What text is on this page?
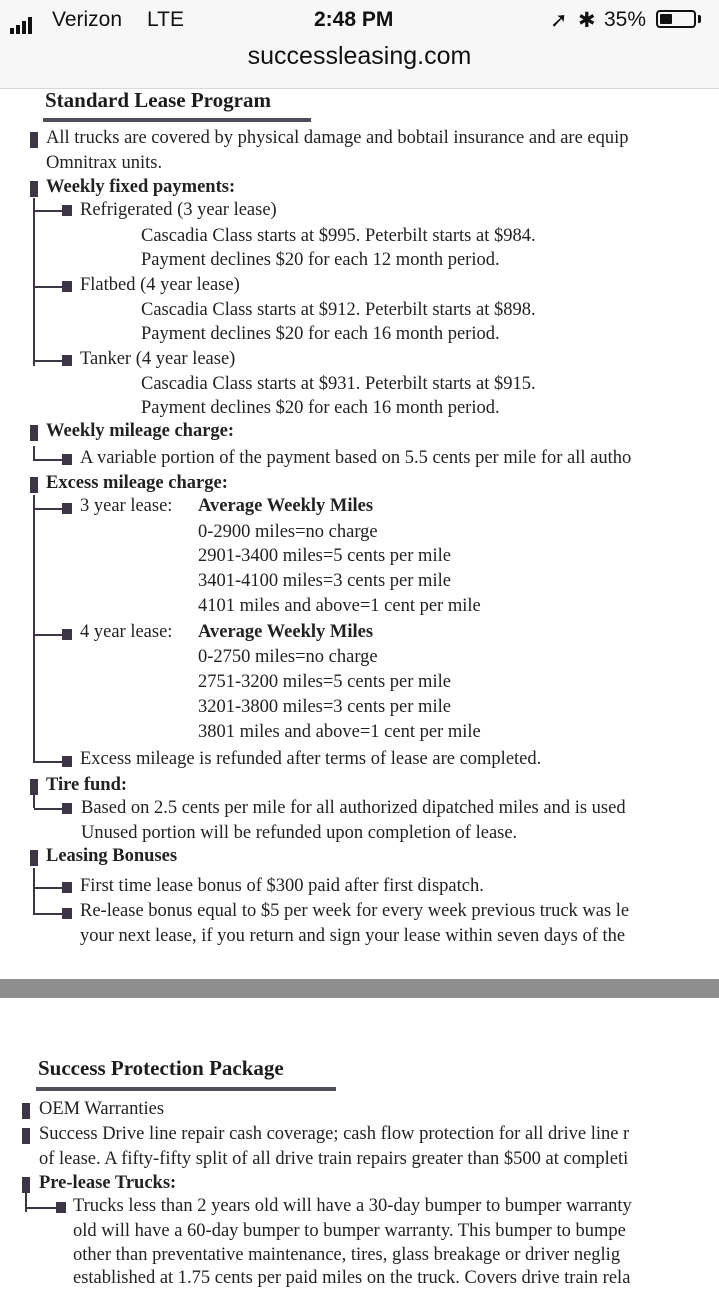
Verizon LTE	2:48 PM	➚ ✱ 35%
successleasing.com
Standard Lease Program
All trucks are covered by physical damage and bobtail insurance and are equip
Omnitrax units.
Weekly fixed payments:
Refrigerated (3 year lease)
Cascadia Class starts at $995. Peterbilt starts at $984.
Payment declines $20 for each 12 month period.
Flatbed (4 year lease)
Cascadia Class starts at $912. Peterbilt starts at $898.
Payment declines $20 for each 16 month period.
Tanker (4 year lease)
Cascadia Class starts at $931. Peterbilt starts at $915.
Payment declines $20 for each 16 month period.
Weekly mileage charge:
A variable portion of the payment based on 5.5 cents per mile for all autho
Excess mileage charge:
3 year lease: Average Weekly Miles
0-2900 miles=no charge
2901-3400 miles=5 cents per mile
3401-4100 miles=3 cents per mile
4101 miles and above=1 cent per mile
4 year lease: Average Weekly Miles
0-2750 miles=no charge
2751-3200 miles=5 cents per mile
3201-3800 miles=3 cents per mile
3801 miles and above=1 cent per mile
Excess mileage is refunded after terms of lease are completed.
Tire fund:
Based on 2.5 cents per mile for all authorized dipatched miles and is used
Unused portion will be refunded upon completion of lease.
Leasing Bonuses
First time lease bonus of $300 paid after first dispatch.
Re-lease bonus equal to $5 per week for every week previous truck was le
your next lease, if you return and sign your lease within seven days of the
Success Protection Package
OEM Warranties
Success Drive line repair cash coverage; cash flow protection for all drive line r
of lease. A fifty-fifty split of all drive train repairs greater than $500 at completi
Pre-lease Trucks:
Trucks less than 2 years old will have a 30-day bumper to bumper warranty
old will have a 60-day bumper to bumper warranty. This bumper to bumpe
other than preventative maintenance, tires, glass breakage or driver neglig
established at 1.75 cents per paid miles on the truck. Covers drive train rela
